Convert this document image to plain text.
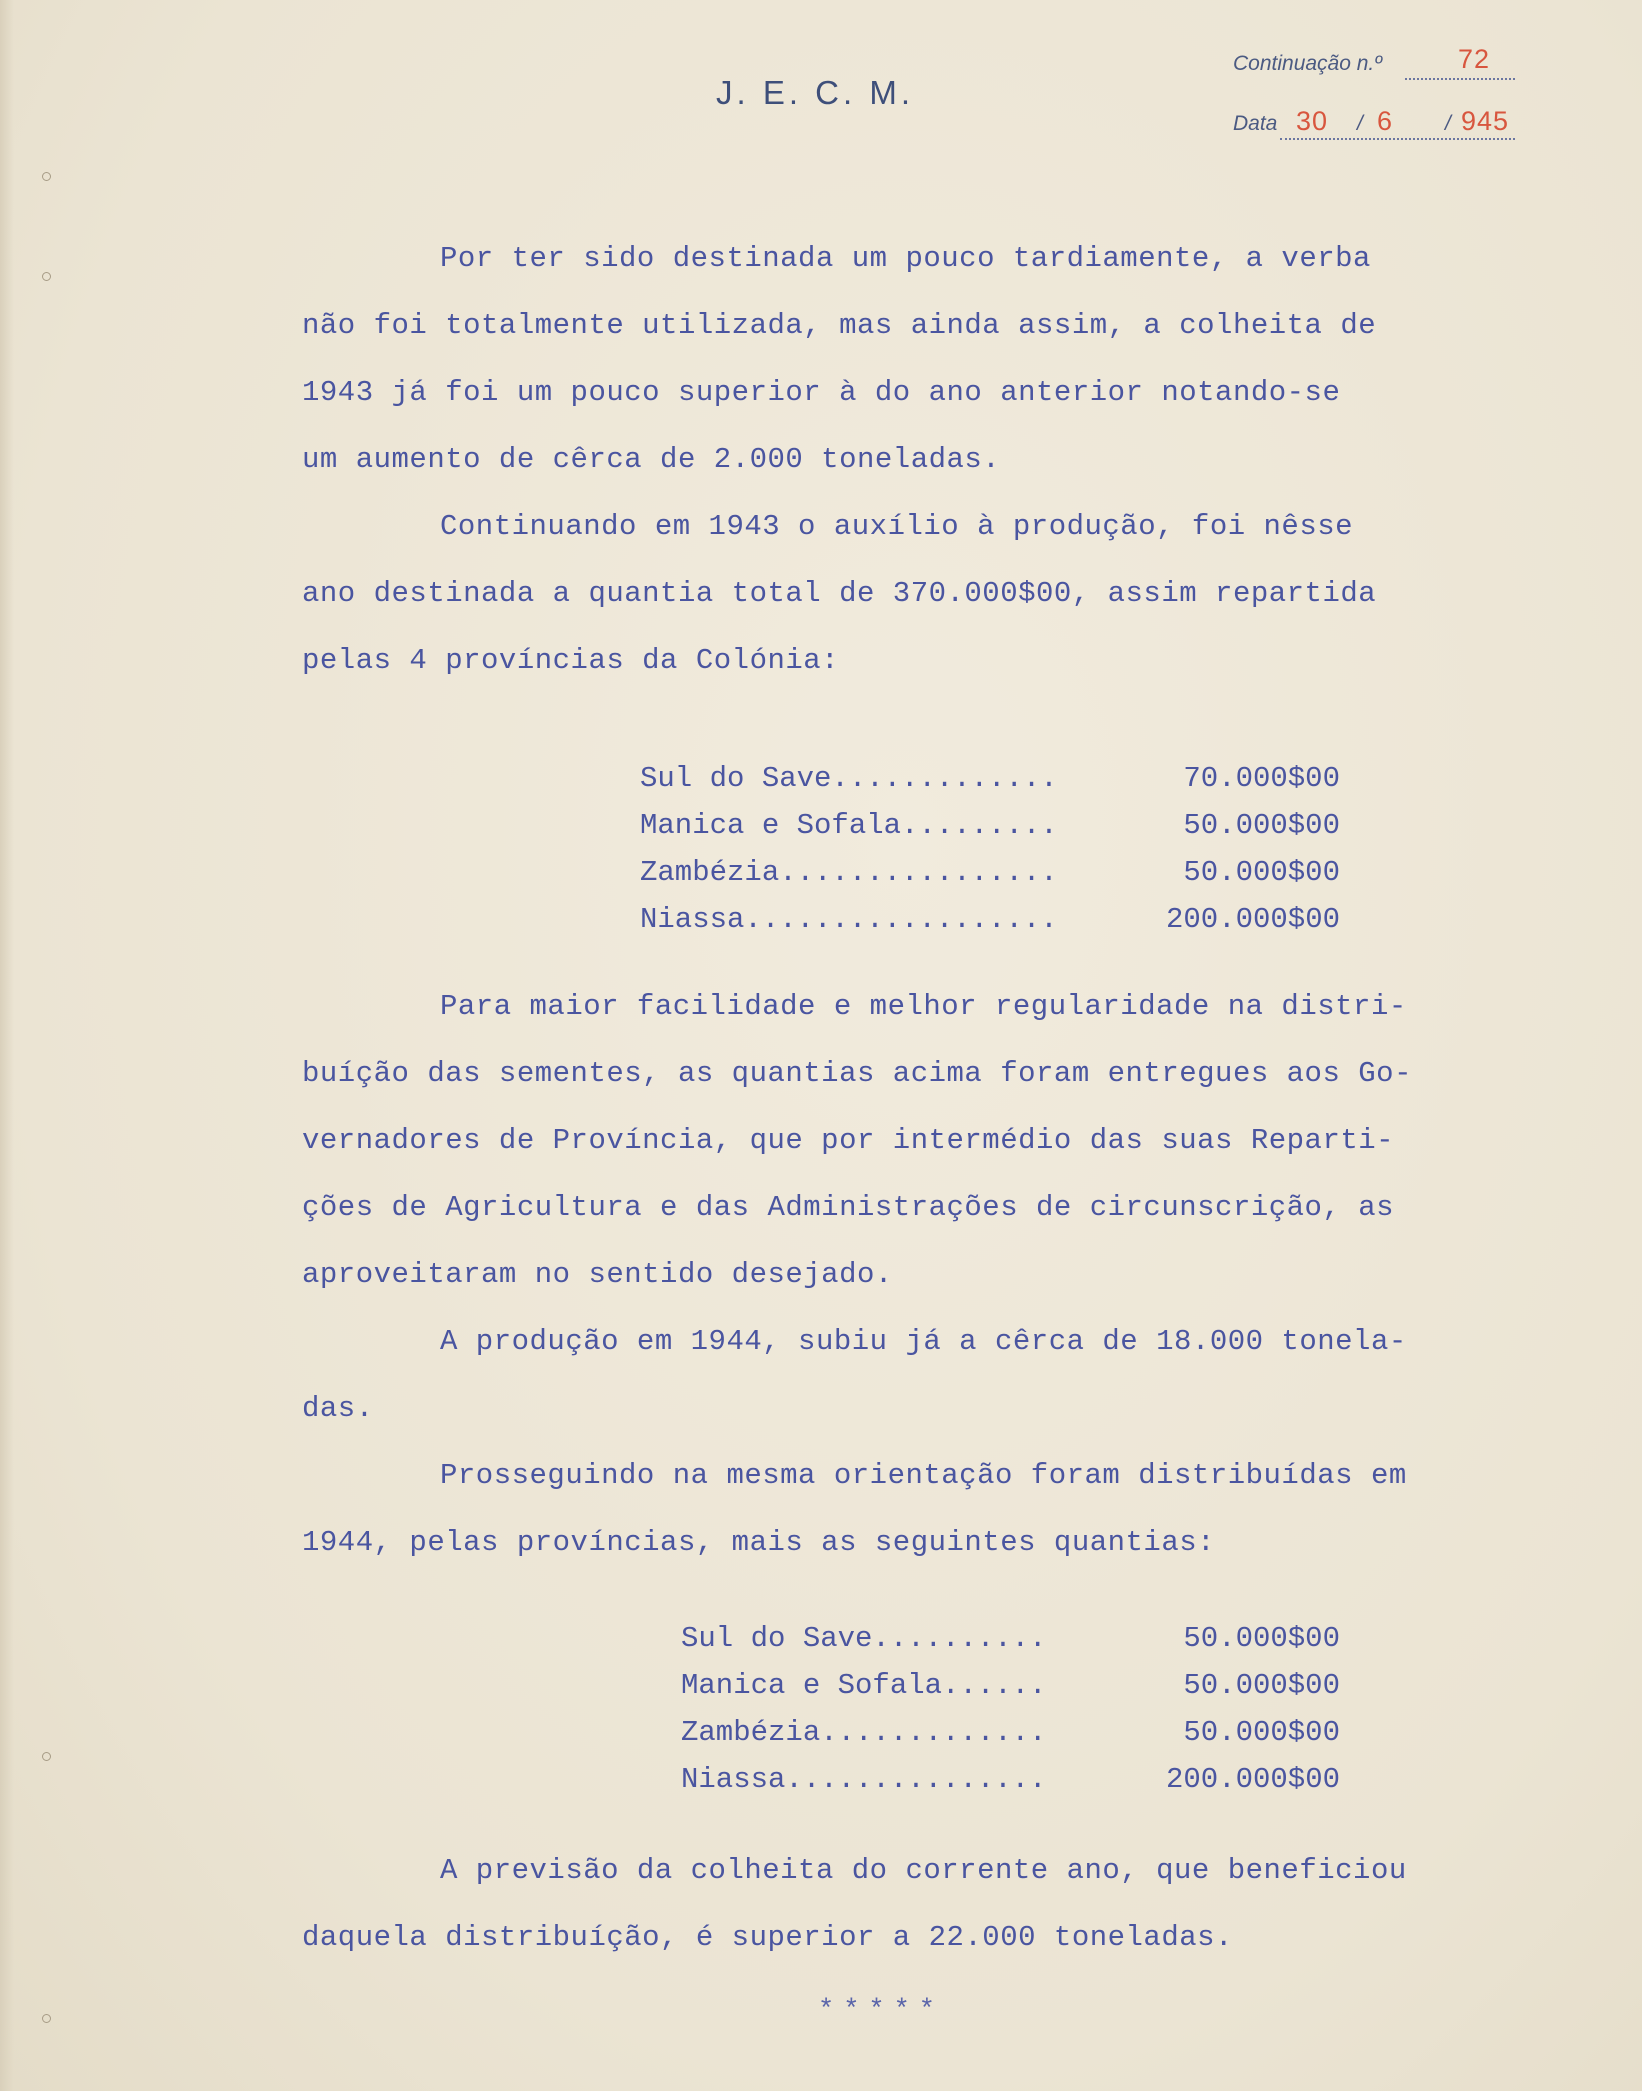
J. E. C. M.
Continuação n.º	72
Data 30 / 6 / 945
Por ter sido destinada um pouco tardiamente, a verba
não foi totalmente utilizada, mas ainda assim, a colheita de
1943 já foi um pouco superior à do ano anterior notando-se
um aumento de cêrca de 2.000 toneladas.
Continuando em 1943 o auxílio à produção, foi nêsse
ano destinada a quantia total de 370.000$00, assim repartida
pelas 4 províncias da Colónia:
Sul do Save.............	70.000$00
Manica e Sofala.........	50.000$00
Zambézia................	50.000$00
Niassa..................	200.000$00
Para maior facilidade e melhor regularidade na distri-
buíção das sementes, as quantias acima foram entregues aos Go-
vernadores de Província, que por intermédio das suas Reparti-
ções de Agricultura e das Administrações de circunscrição, as
aproveitaram no sentido desejado.
A produção em 1944, subiu já a cêrca de 18.000 tonela-
das.
Prosseguindo na mesma orientação foram distribuídas em
1944, pelas províncias, mais as seguintes quantias:
Sul do Save..........	50.000$00
Manica e Sofala......	50.000$00
Zambézia.............	50.000$00
Niassa...............	200.000$00
A previsão da colheita do corrente ano, que beneficiou
daquela distribuíção, é superior a 22.000 toneladas.
*****
